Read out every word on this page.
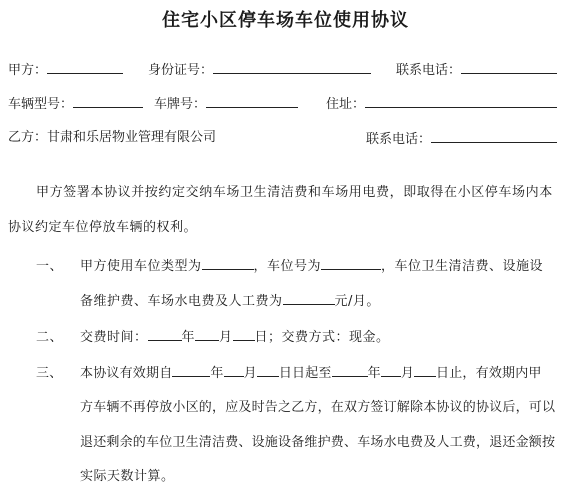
住宅小区停车场车位使用协议
甲方：	身份证号：	联系电话：
车辆型号：	车牌号：	住址：
乙方：甘肃和乐居物业管理有限公司	联系电话：
甲方签署本协议并按约定交纳车场卫生清洁费和车场用电费，即取得在小区停车场内本
协议约定车位停放车辆的权利。
一、 甲方使用车位类型为	，车位号为	，车位卫生清洁费、设施设
备维护费、车场水电费及人工费为	元/月。
二、 交费时间：	年 月 日；交费方式：现金。
三、 本协议有效期自	年 月 日日起至	年 月 日止，有效期内甲
方车辆不再停放小区的，应及时告之乙方，在双方签订解除本协议的协议后，可以
退还剩余的车位卫生清洁费、设施设备维护费、车场水电费及人工费，退还金额按
实际天数计算。
